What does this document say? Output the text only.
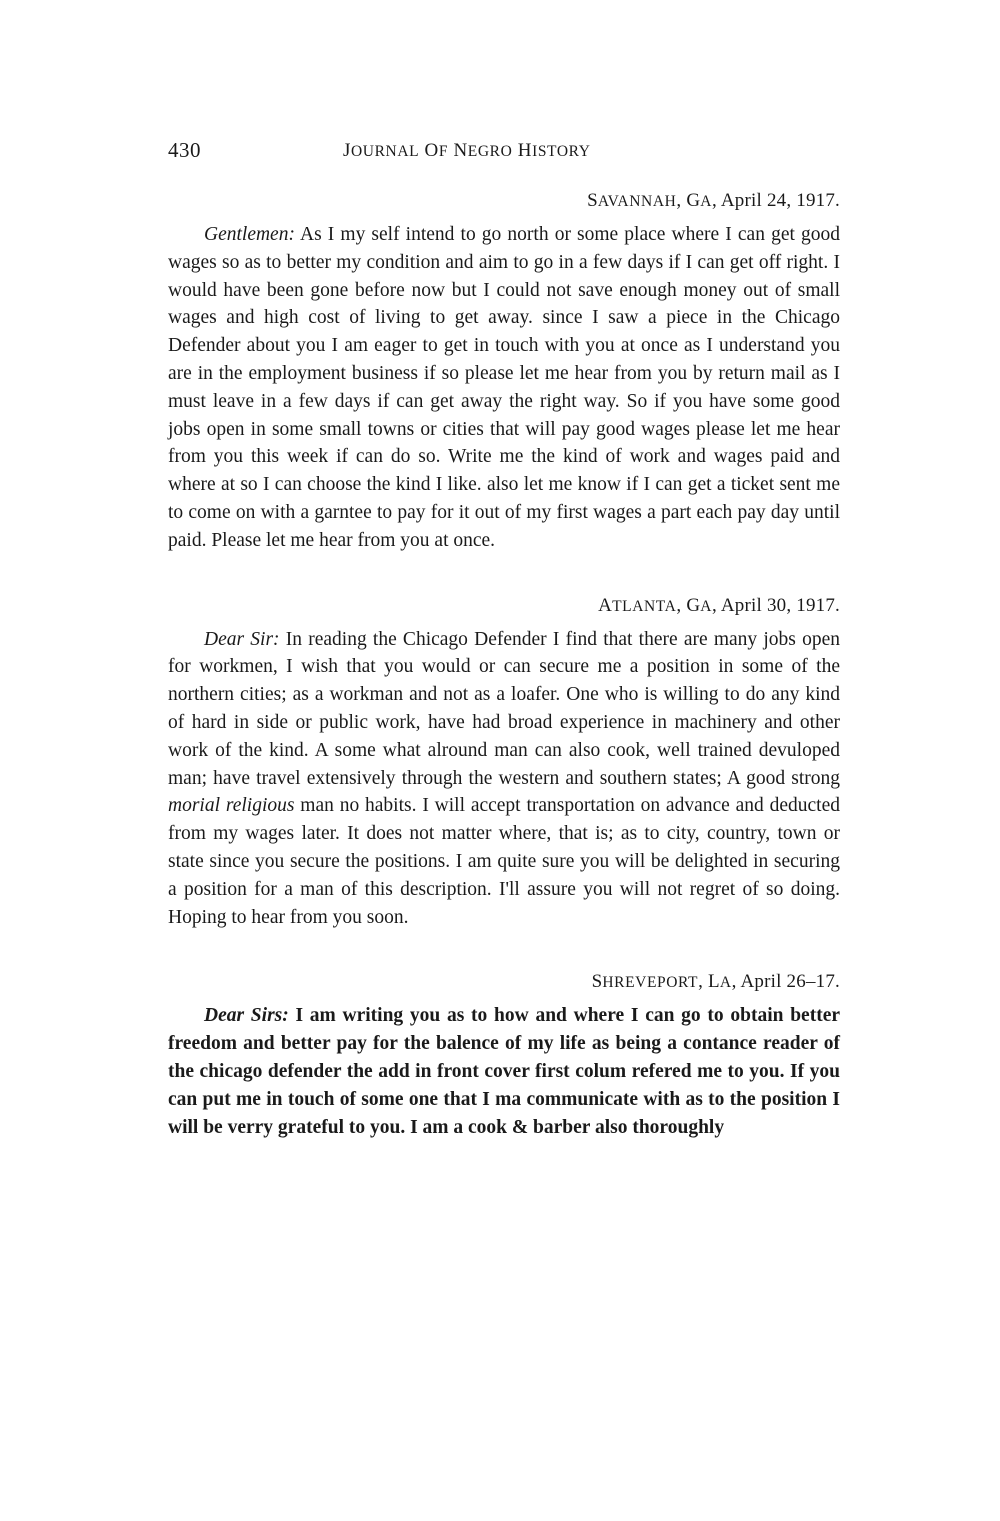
430	JOURNAL OF NEGRO HISTORY
SAVANNAH, GA, April 24, 1917.

Gentlemen: As I my self intend to go north or some place where I can get good wages so as to better my condition and aim to go in a few days if I can get off right. I would have been gone before now but I could not save enough money out of small wages and high cost of living to get away. since I saw a piece in the Chicago Defender about you I am eager to get in touch with you at once as I understand you are in the employment business if so please let me hear from you by return mail as I must leave in a few days if can get away the right way. So if you have some good jobs open in some small towns or cities that will pay good wages please let me hear from you this week if can do so. Write me the kind of work and wages paid and where at so I can choose the kind I like. also let me know if I can get a ticket sent me to come on with a garntee to pay for it out of my first wages a part each pay day until paid. Please let me hear from you at once.

ATLANTA, GA, April 30, 1917.

Dear Sir: In reading the Chicago Defender I find that there are many jobs open for workmen, I wish that you would or can secure me a position in some of the northern cities; as a workman and not as a loafer. One who is willing to do any kind of hard in side or public work, have had broad experience in machinery and other work of the kind. A some what alround man can also cook, well trained devuloped man; have travel extensively through the western and southern states; A good strong morial religious man no habits. I will accept transportation on advance and deducted from my wages later. It does not matter where, that is; as to city, country, town or state since you secure the positions. I am quite sure you will be delighted in securing a position for a man of this description. I'll assure you will not regret of so doing. Hoping to hear from you soon.

SHREVEPORT, LA, April 26–17.

Dear Sirs: I am writing you as to how and where I can go to obtain better freedom and better pay for the balence of my life as being a contance reader of the chicago defender the add in front cover first colum refered me to you. If you can put me in touch of some one that I ma communicate with as to the position I will be verry grateful to you. I am a cook & barber also thoroughly
